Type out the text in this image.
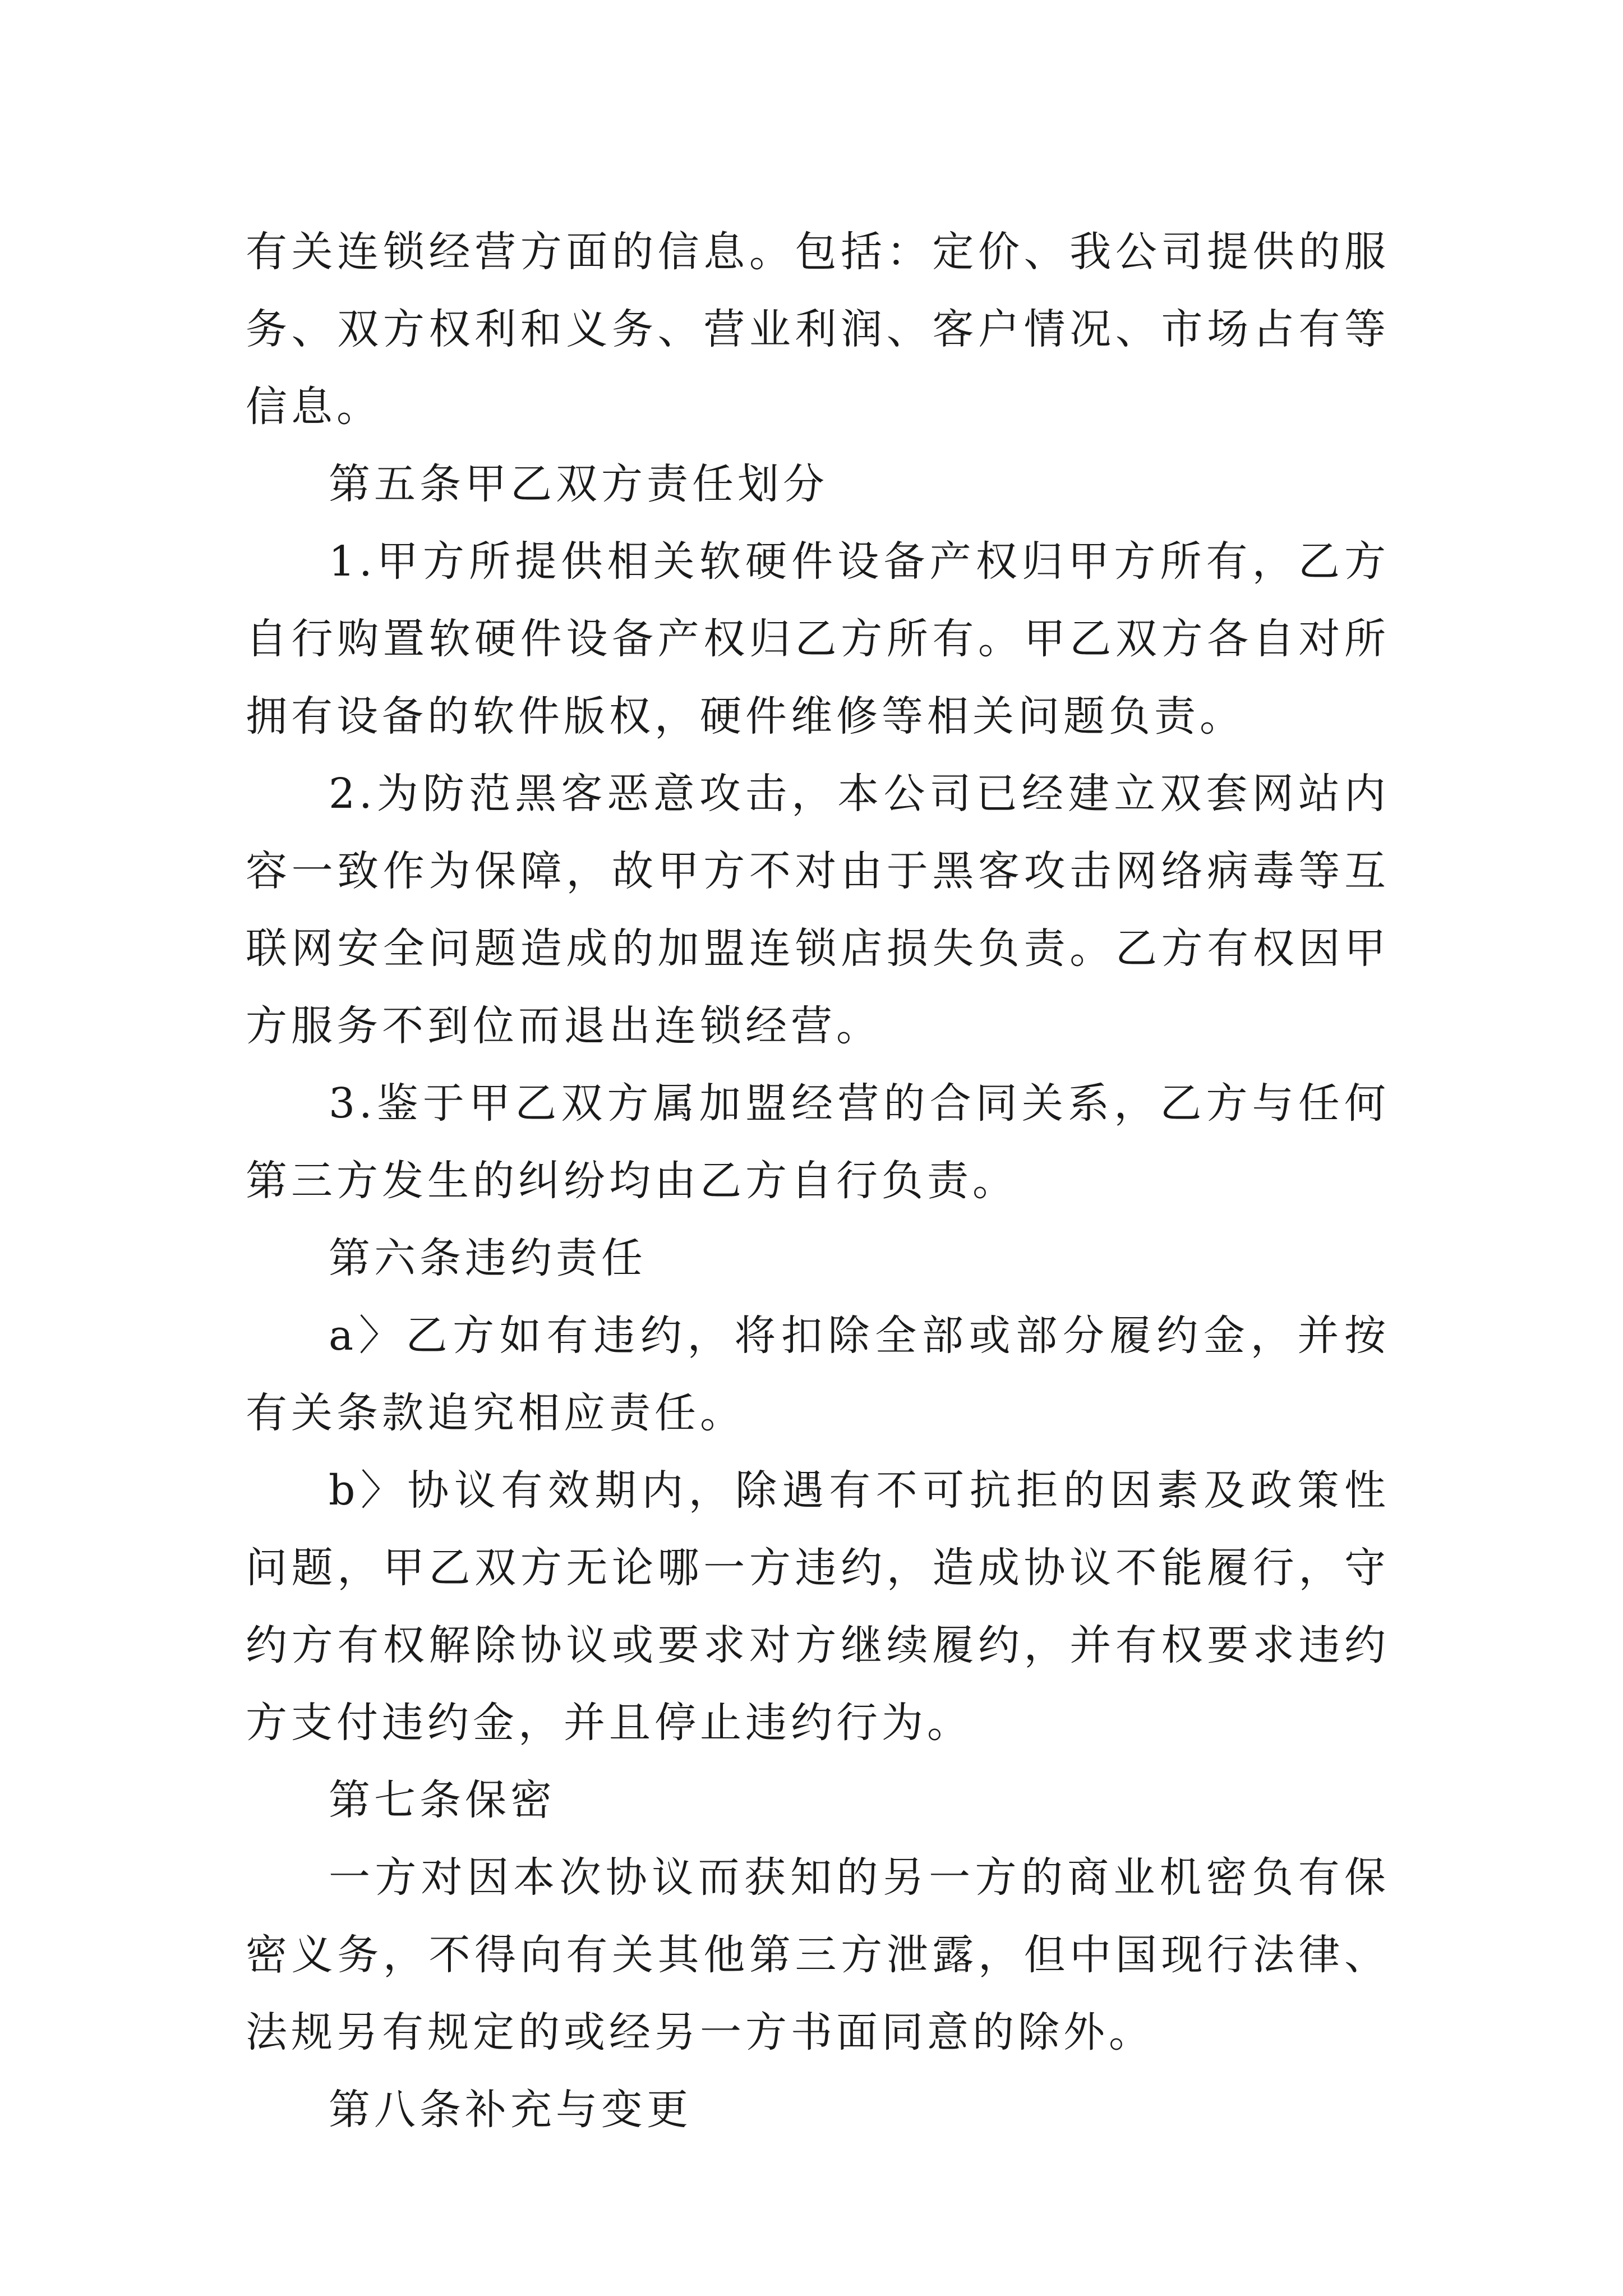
有关连锁经营方面的信息。包括：定价、我公司提供的服务、双方权利和义务、营业利润、客户情况、市场占有等信息。

第五条甲乙双方责任划分

1.甲方所提供相关软硬件设备产权归甲方所有，乙方自行购置软硬件设备产权归乙方所有。甲乙双方各自对所拥有设备的软件版权，硬件维修等相关问题负责。

2.为防范黑客恶意攻击，本公司已经建立双套网站内容一致作为保障，故甲方不对由于黑客攻击网络病毒等互联网安全问题造成的加盟连锁店损失负责。乙方有权因甲方服务不到位而退出连锁经营。

3.鉴于甲乙双方属加盟经营的合同关系，乙方与任何第三方发生的纠纷均由乙方自行负责。

第六条违约责任

a〉乙方如有违约，将扣除全部或部分履约金，并按有关条款追究相应责任。

b〉协议有效期内，除遇有不可抗拒的因素及政策性问题，甲乙双方无论哪一方违约，造成协议不能履行，守约方有权解除协议或要求对方继续履约，并有权要求违约方支付违约金，并且停止违约行为。

第七条保密

一方对因本次协议而获知的另一方的商业机密负有保密义务，不得向有关其他第三方泄露，但中国现行法律、法规另有规定的或经另一方书面同意的除外。

第八条补充与变更
